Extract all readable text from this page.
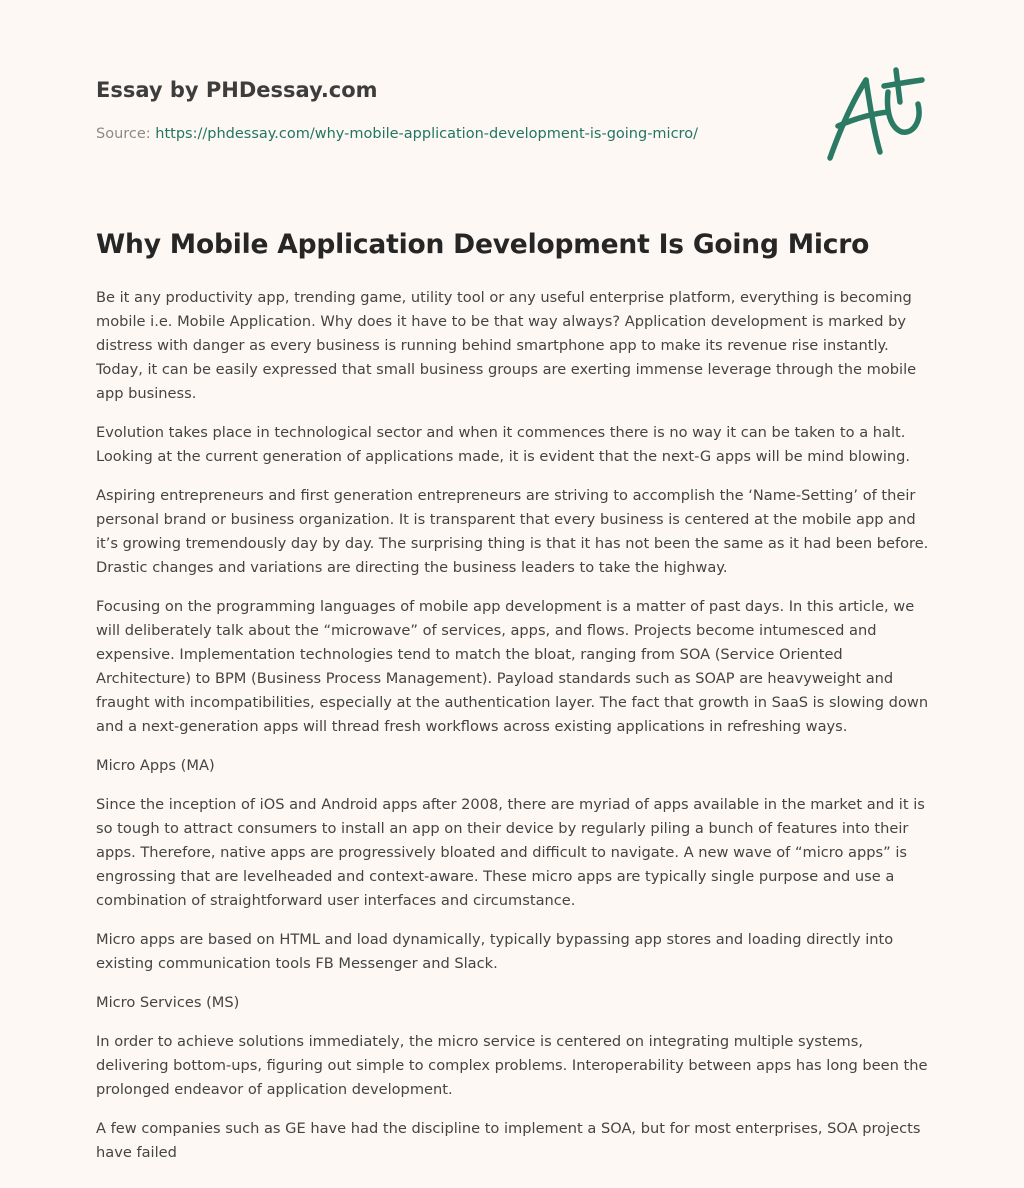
Essay by PHDessay.com
Source: https://phdessay.com/why-mobile-application-development-is-going-micro/
Why Mobile Application Development Is Going Micro

Be it any productivity app, trending game, utility tool or any useful enterprise platform, everything is becoming mobile i.e. Mobile Application. Why does it have to be that way always? Application development is marked by distress with danger as every business is running behind smartphone app to make its revenue rise instantly. Today, it can be easily expressed that small business groups are exerting immense leverage through the mobile app business.

Evolution takes place in technological sector and when it commences there is no way it can be taken to a halt. Looking at the current generation of applications made, it is evident that the next-G apps will be mind blowing.

Aspiring entrepreneurs and first generation entrepreneurs are striving to accomplish the ‘Name-Setting’ of their personal brand or business organization. It is transparent that every business is centered at the mobile app and it’s growing tremendously day by day. The surprising thing is that it has not been the same as it had been before. Drastic changes and variations are directing the business leaders to take the highway.

Focusing on the programming languages of mobile app development is a matter of past days. In this article, we will deliberately talk about the “microwave” of services, apps, and flows. Projects become intumesced and expensive. Implementation technologies tend to match the bloat, ranging from SOA (Service Oriented Architecture) to BPM (Business Process Management). Payload standards such as SOAP are heavyweight and fraught with incompatibilities, especially at the authentication layer. The fact that growth in SaaS is slowing down and a next-generation apps will thread fresh workflows across existing applications in refreshing ways.

Micro Apps (MA)

Since the inception of iOS and Android apps after 2008, there are myriad of apps available in the market and it is so tough to attract consumers to install an app on their device by regularly piling a bunch of features into their apps. Therefore, native apps are progressively bloated and difficult to navigate. A new wave of “micro apps” is engrossing that are levelheaded and context-aware. These micro apps are typically single purpose and use a combination of straightforward user interfaces and circumstance.

Micro apps are based on HTML and load dynamically, typically bypassing app stores and loading directly into existing communication tools FB Messenger and Slack.

Micro Services (MS)

In order to achieve solutions immediately, the micro service is centered on integrating multiple systems, delivering bottom-ups, figuring out simple to complex problems. Interoperability between apps has long been the prolonged endeavor of application development.

A few companies such as GE have had the discipline to implement a SOA, but for most enterprises, SOA projects have failed
